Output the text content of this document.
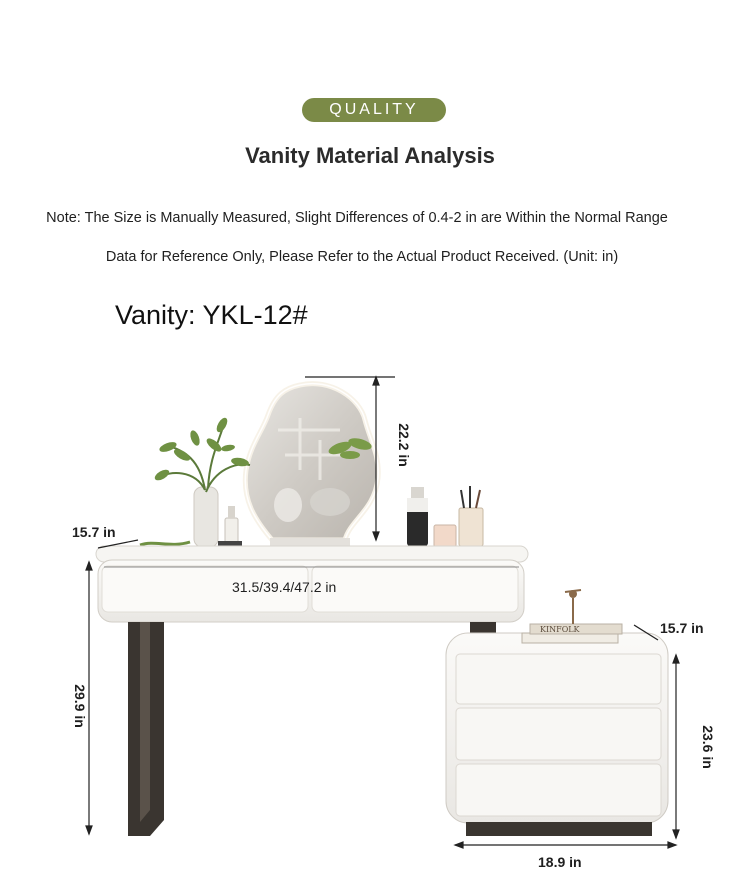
QUALITY
Vanity Material Analysis
Note: The Size is Manually Measured, Slight Differences of 0.4-2 in are Within the Normal Range
Data for Reference Only, Please Refer to the Actual Product Received. (Unit: in)
Vanity: YKL-12#
KINFOLK
22.2 in
15.7 in
31.5/39.4/47.2 in
29.9 in
15.7 in
23.6 in
18.9 in
